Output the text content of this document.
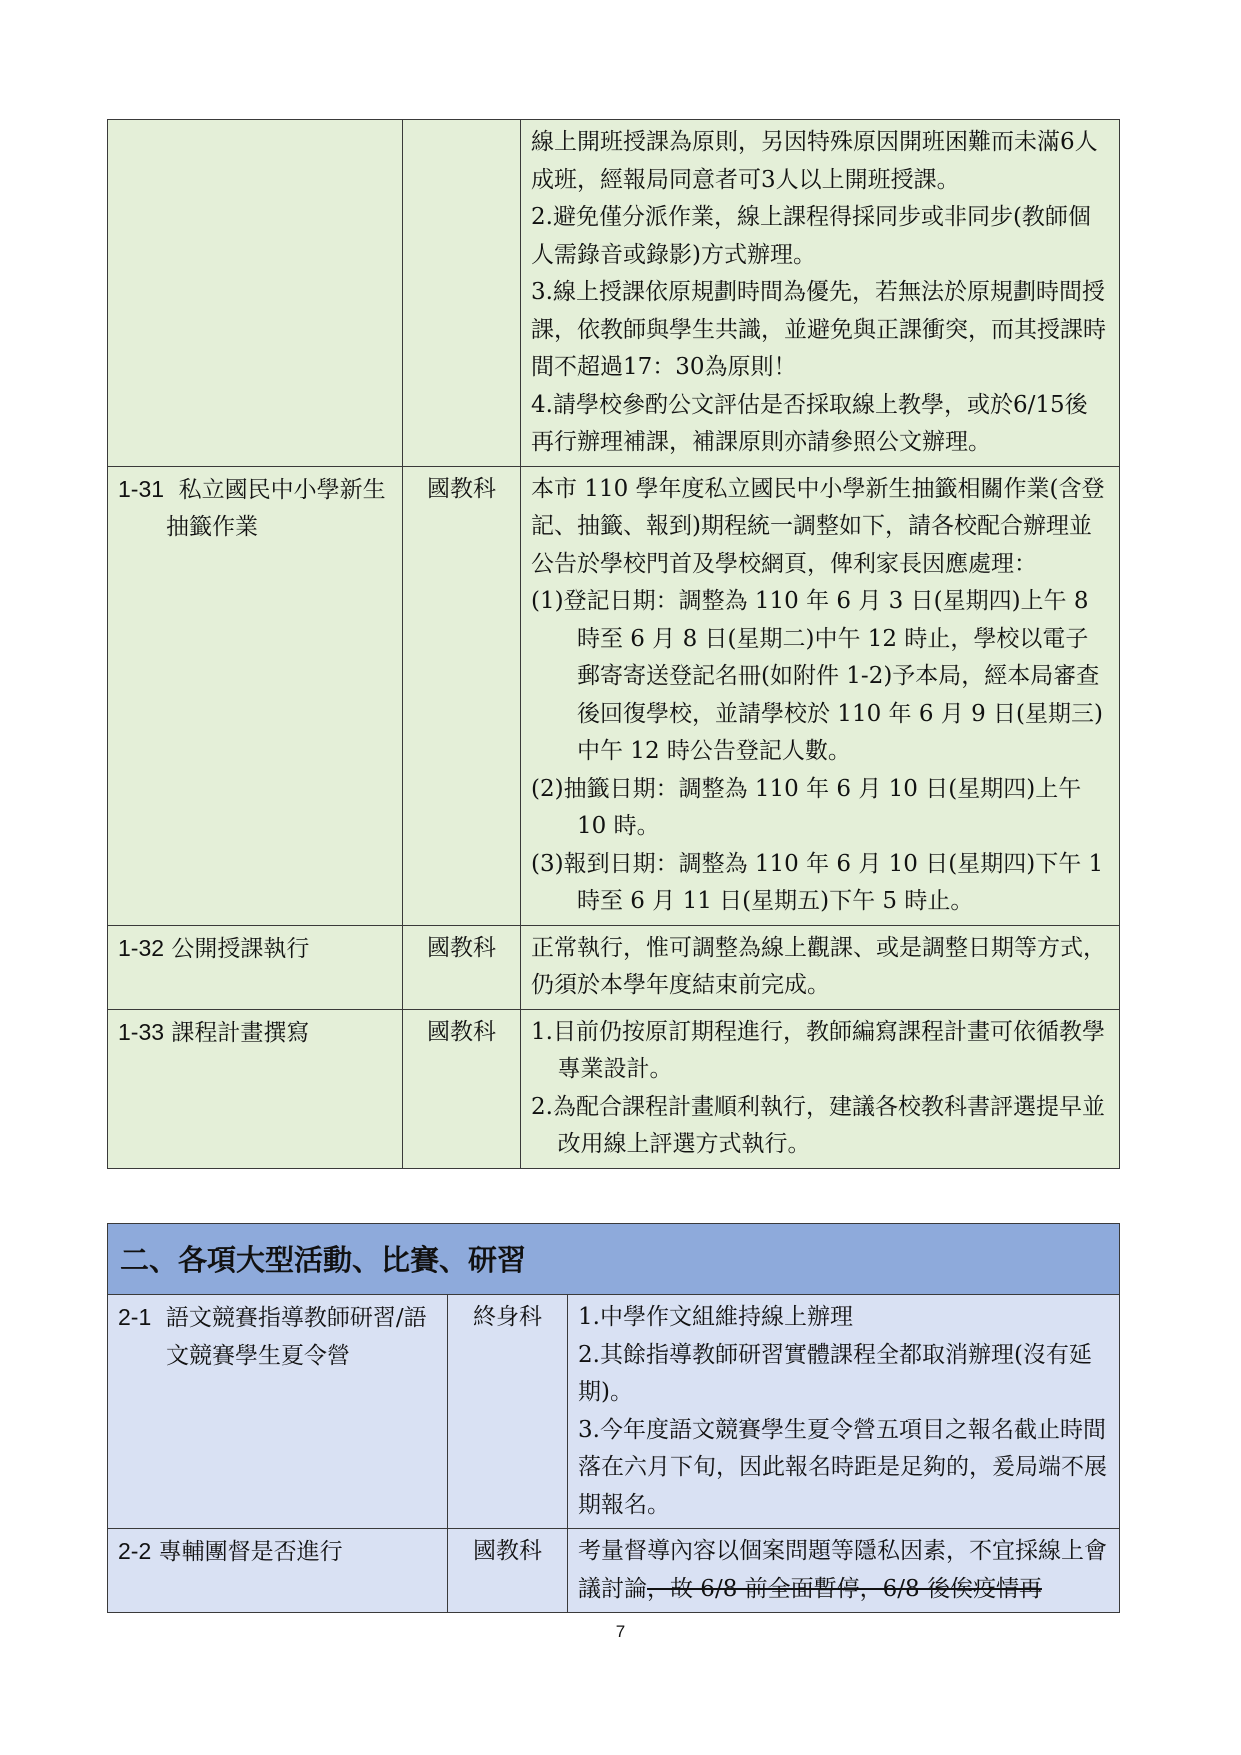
		線上開班授課為原則，另因特殊原因開班困難而未滿6人成班，經報局同意者可3人以上開班授課。

2.避免僅分派作業，線上課程得採同步或非同步(教師個人需錄音或錄影)方式辦理。

3.線上授課依原規劃時間為優先，若無法於原規劃時間授課，依教師與學生共識，並避免與正課衝突，而其授課時間不超過17：30為原則！

4.請學校參酌公文評估是否採取線上教學，或於6/15後再行辦理補課，補課原則亦請參照公文辦理。

1-31 私立國民中小學新生抽籤作業	國教科	本市 110 學年度私立國民中小學新生抽籤相關作業(含登記、抽籤、報到)期程統一調整如下，請各校配合辦理並公告於學校門首及學校網頁，俾利家長因應處理：

(1)登記日期：調整為 110 年 6 月 3 日(星期四)上午 8 時至 6 月 8 日(星期二)中午 12 時止，學校以電子郵寄寄送登記名冊(如附件 1-2)予本局，經本局審查後回復學校，並請學校於 110 年 6 月 9 日(星期三)中午 12 時公告登記人數。

(2)抽籤日期：調整為 110 年 6 月 10 日(星期四)上午 10 時。

(3)報到日期：調整為 110 年 6 月 10 日(星期四)下午 1 時至 6 月 11 日(星期五)下午 5 時止。

1-32 公開授課執行	國教科	正常執行，惟可調整為線上觀課、或是調整日期等方式，仍須於本學年度結束前完成。

1-33 課程計畫撰寫	國教科	1.目前仍按原訂期程進行，教師編寫課程計畫可依循教學專業設計。

2.為配合課程計畫順利執行，建議各校教科書評選提早並改用線上評選方式執行。

二、各項大型活動、比賽、研習		

2-1 語文競賽指導教師研習/語文競賽學生夏令營	終身科	1.中學作文組維持線上辦理

2.其餘指導教師研習實體課程全都取消辦理(沒有延期)。

3.今年度語文競賽學生夏令營五項目之報名截止時間落在六月下旬，因此報名時距是足夠的，爰局端不展期報名。

2-2 專輔團督是否進行	國教科	考量督導內容以個案問題等隱私因素，不宜採線上會議討論，故 6/8 前全面暫停，6/8 後俟疫情再

7
